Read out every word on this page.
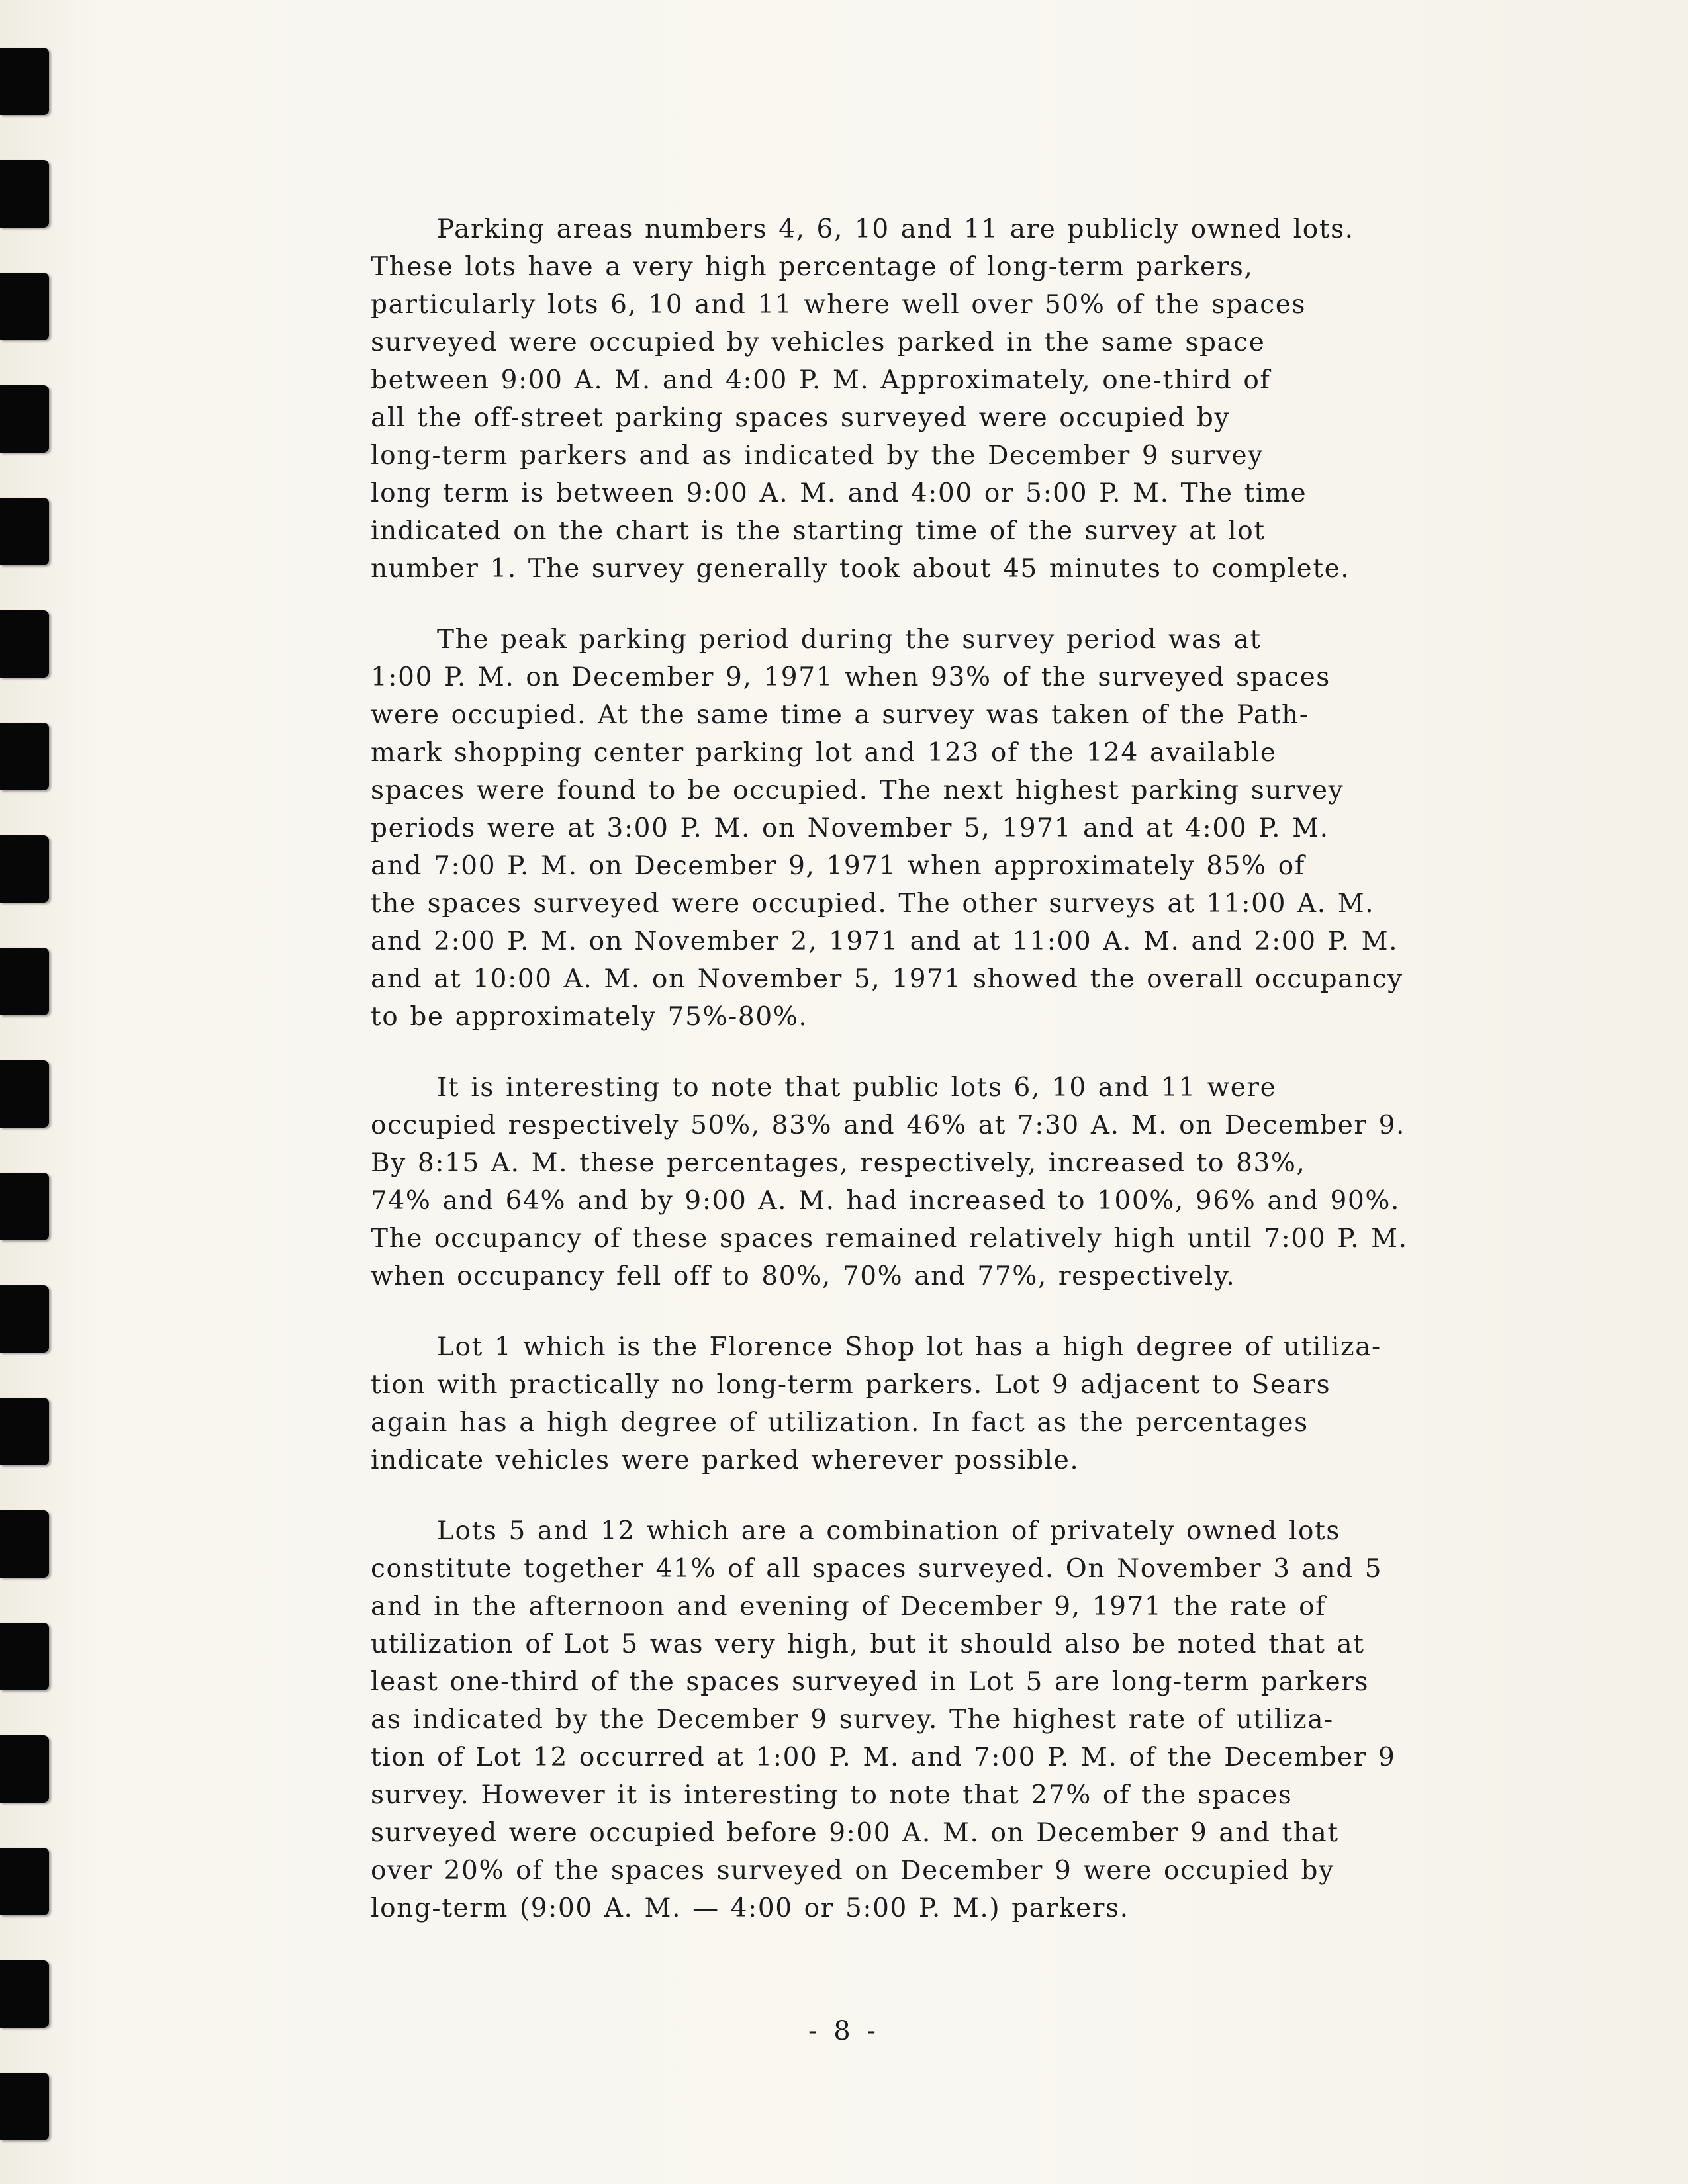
Parking areas numbers 4, 6, 10 and 11 are publicly owned lots.
These lots have a very high percentage of long-term parkers,
particularly lots 6, 10 and 11 where well over 50% of the spaces
surveyed were occupied by vehicles parked in the same space
between 9:00 A. M. and 4:00 P. M. Approximately, one-third of
all the off-street parking spaces surveyed were occupied by
long-term parkers and as indicated by the December 9 survey
long term is between 9:00 A. M. and 4:00 or 5:00 P. M. The time
indicated on the chart is the starting time of the survey at lot
number 1. The survey generally took about 45 minutes to complete.

The peak parking period during the survey period was at
1:00 P. M. on December 9, 1971 when 93% of the surveyed spaces
were occupied. At the same time a survey was taken of the Path-
mark shopping center parking lot and 123 of the 124 available
spaces were found to be occupied. The next highest parking survey
periods were at 3:00 P. M. on November 5, 1971 and at 4:00 P. M.
and 7:00 P. M. on December 9, 1971 when approximately 85% of
the spaces surveyed were occupied. The other surveys at 11:00 A. M.
and 2:00 P. M. on November 2, 1971 and at 11:00 A. M. and 2:00 P. M.
and at 10:00 A. M. on November 5, 1971 showed the overall occupancy
to be approximately 75%-80%.

It is interesting to note that public lots 6, 10 and 11 were
occupied respectively 50%, 83% and 46% at 7:30 A. M. on December 9.
By 8:15 A. M. these percentages, respectively, increased to 83%,
74% and 64% and by 9:00 A. M. had increased to 100%, 96% and 90%.
The occupancy of these spaces remained relatively high until 7:00 P. M.
when occupancy fell off to 80%, 70% and 77%, respectively.

Lot 1 which is the Florence Shop lot has a high degree of utiliza-
tion with practically no long-term parkers. Lot 9 adjacent to Sears
again has a high degree of utilization. In fact as the percentages
indicate vehicles were parked wherever possible.

Lots 5 and 12 which are a combination of privately owned lots
constitute together 41% of all spaces surveyed. On November 3 and 5
and in the afternoon and evening of December 9, 1971 the rate of
utilization of Lot 5 was very high, but it should also be noted that at
least one-third of the spaces surveyed in Lot 5 are long-term parkers
as indicated by the December 9 survey. The highest rate of utiliza-
tion of Lot 12 occurred at 1:00 P. M. and 7:00 P. M. of the December 9
survey. However it is interesting to note that 27% of the spaces
surveyed were occupied before 9:00 A. M. on December 9 and that
over 20% of the spaces surveyed on December 9 were occupied by
long-term (9:00 A. M. — 4:00 or 5:00 P. M.) parkers.

- 8 -
